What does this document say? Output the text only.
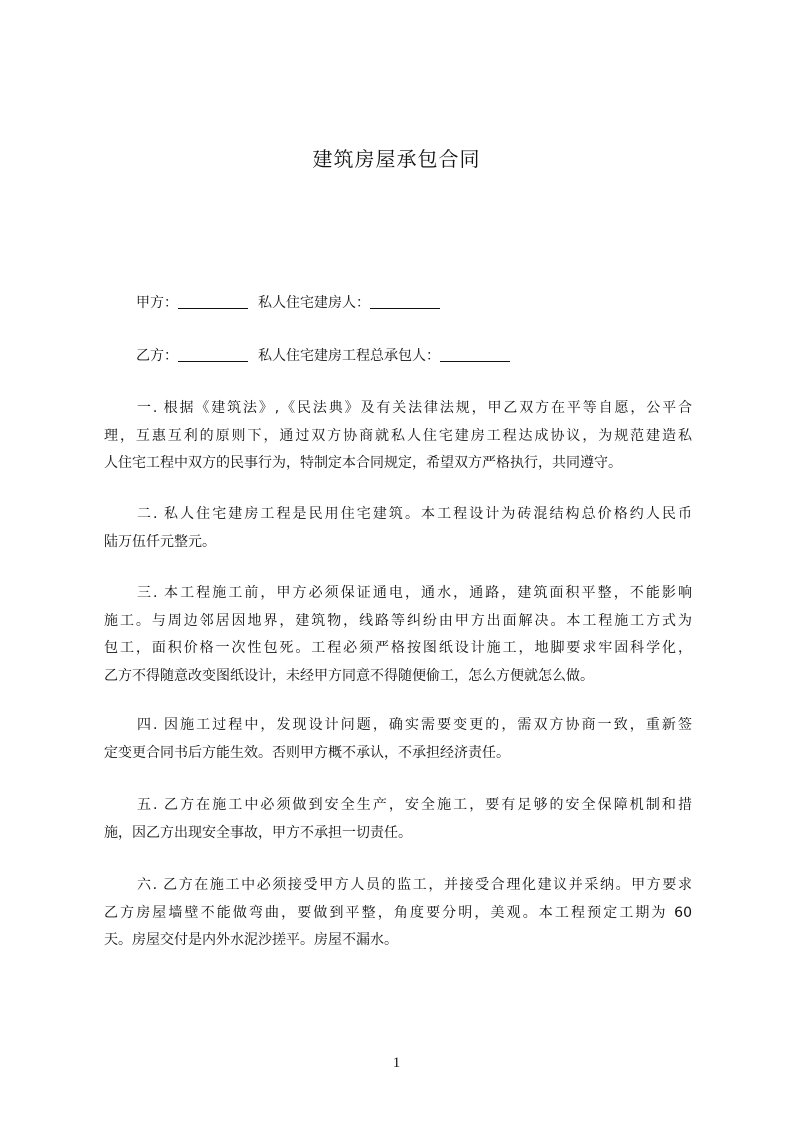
建筑房屋承包合同
甲方：	私人住宅建房人：
乙方：	私人住宅建房工程总承包人：
一. 根据《建筑法》,《民法典》及有关法律法规，甲乙双方在平等自愿，公平合
理，互惠互利的原则下，通过双方协商就私人住宅建房工程达成协议，为规范建造私
人住宅工程中双方的民事行为，特制定本合同规定，希望双方严格执行，共同遵守。
二. 私人住宅建房工程是民用住宅建筑。本工程设计为砖混结构总价格约人民币
陆万伍仟元整元。
三. 本工程施工前，甲方必须保证通电，通水，通路，建筑面积平整，不能影响
施工。与周边邻居因地界，建筑物，线路等纠纷由甲方出面解决。本工程施工方式为
包工，面积价格一次性包死。工程必须严格按图纸设计施工，地脚要求牢固科学化，
乙方不得随意改变图纸设计，未经甲方同意不得随便偷工，怎么方便就怎么做。
四. 因施工过程中，发现设计问题，确实需要变更的，需双方协商一致，重新签
定变更合同书后方能生效。否则甲方概不承认，不承担经济责任。
五. 乙方在施工中必须做到安全生产，安全施工，要有足够的安全保障机制和措
施，因乙方出现安全事故，甲方不承担一切责任。
六. 乙方在施工中必须接受甲方人员的监工，并接受合理化建议并采纳。甲方要求
乙方房屋墙壁不能做弯曲，要做到平整，角度要分明，美观。本工程预定工期为 60
天。房屋交付是内外水泥沙搓平。房屋不漏水。
1
